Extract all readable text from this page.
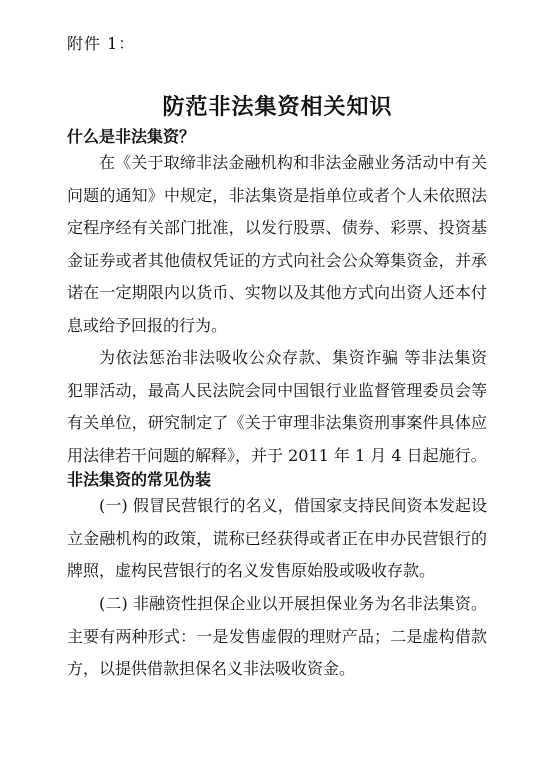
附件 1：
防范非法集资相关知识
什么是非法集资？

在《关于取缔非法金融机构和非法金融业务活动中有关问题的通知》中规定，非法集资是指单位或者个人未依照法定程序经有关部门批准，以发行股票、债券、彩票、投资基金证券或者其他债权凭证的方式向社会公众筹集资金，并承诺在一定期限内以货币、实物以及其他方式向出资人还本付息或给予回报的行为。

为依法惩治非法吸收公众存款、集资诈骗 等非法集资犯罪活动，最高人民法院会同中国银行业监督管理委员会等有关单位，研究制定了《关于审理非法集资刑事案件具体应用法律若干问题的解释》，并于 2011 年 1 月 4 日起施行。

非法集资的常见伪装

(一) 假冒民营银行的名义，借国家支持民间资本发起设立金融机构的政策，谎称已经获得或者正在申办民营银行的牌照，虚构民营银行的名义发售原始股或吸收存款。

(二) 非融资性担保企业以开展担保业务为名非法集资。主要有两种形式：一是发售虚假的理财产品；二是虚构借款方，以提供借款担保名义非法吸收资金。
